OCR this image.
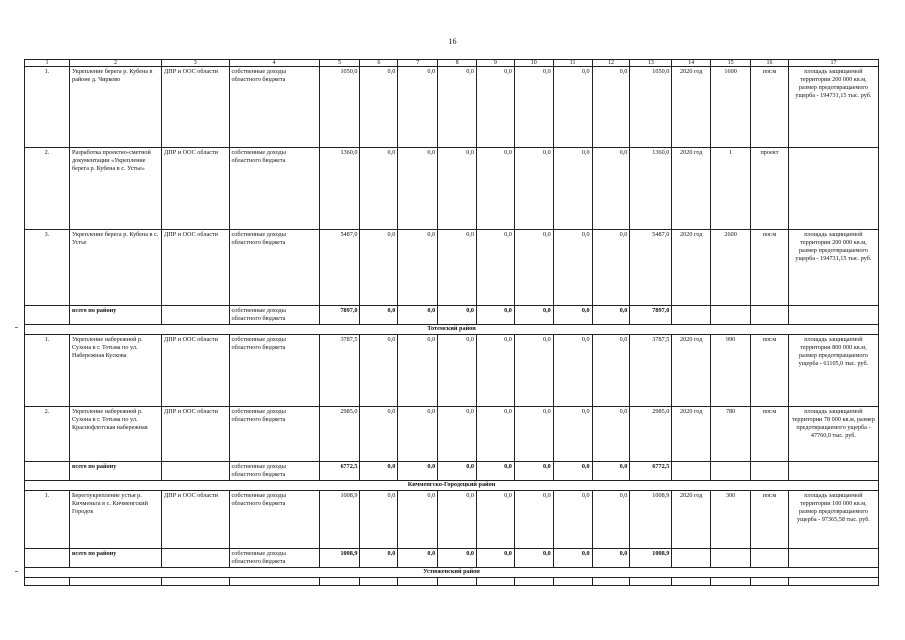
16
1	2	3	4	5	6	7	8	9	10	11	12	13	14	15	16	17
1.	Укрепление берега р. Кубена в районе д. Чирково	ДПР и ООС области	собственные доходы областного бюджета	1050,0	0,0	0,0	0,0	0,0	0,0	0,0	0,0	1050,0	2020 год	1600	пог.м	площадь защищаемой территории 200 000 кв.м, размер предотвращаемого ущерба - 194731,15 тыс. руб.
2.	Разработка проектно-сметной документации «Укрепление берега р. Кубена в с. Устье»	ДПР и ООС области	собственные доходы областного бюджета	1360,0	0,0	0,0	0,0	0,0	0,0	0,0	0,0	1360,0	2020 год	1	проект	
3.	Укрепление берега р. Кубена в с. Устье	ДПР и ООС области	собственные доходы областного бюджета	5487,0	0,0	0,0	0,0	0,0	0,0	0,0	0,0	5487,0	2020 год	2600	пог.м	площадь защищаемой территории 200 000 кв.м, размер предотвращаемого ущерба - 194731,15 тыс. руб.
	всего по району		собственные доходы областного бюджета	7897,0	0,0	0,0	0,0	0,0	0,0	0,0	0,0	7897,0				
Тотемский район																
1.	Укрепление набережной р. Сухона в г. Тотьма по ул. Набережная Кускова	ДПР и ООС области	собственные доходы областного бюджета	3787,5	0,0	0,0	0,0	0,0	0,0	0,0	0,0	3787,5	2020 год	990	пог.м	площадь защищаемой территории 800 000 кв.м, размер предотвращаемого ущерба - 61105,0 тыс. руб.
2.	Укрепление набережной р. Сухона в г. Тотьма по ул. Краснофлотская набережная	ДПР и ООС области	собственные доходы областного бюджета	2985,0	0,0	0,0	0,0	0,0	0,0	0,0	0,0	2985,0	2020 год	780	пог.м	площадь защищаемой территории 78 000 кв.м, размер предотвращаемого ущерба - 47760,0 тыс. руб.
	всего по району		собственные доходы областного бюджета	6772,5	0,0	0,0	0,0	0,0	0,0	0,0	0,0	6772,5				
Кичменгско-Городецкий район																
1.	Берегоукрепление устья р. Кичменьга в с. Кичменгский Городок	ДПР и ООС области	собственные доходы областного бюджета	1008,9	0,0	0,0	0,0	0,0	0,0	0,0	0,0	1008,9	2020 год	300	пог.м	площадь защищаемой территории 100 000 кв.м, размер предотвращаемого ущерба - 97365,58 тыс. руб.
	всего по району		собственные доходы областного бюджета	1008,9	0,0	0,0	0,0	0,0	0,0	0,0	0,0	1008,9				
Устюженский район																
